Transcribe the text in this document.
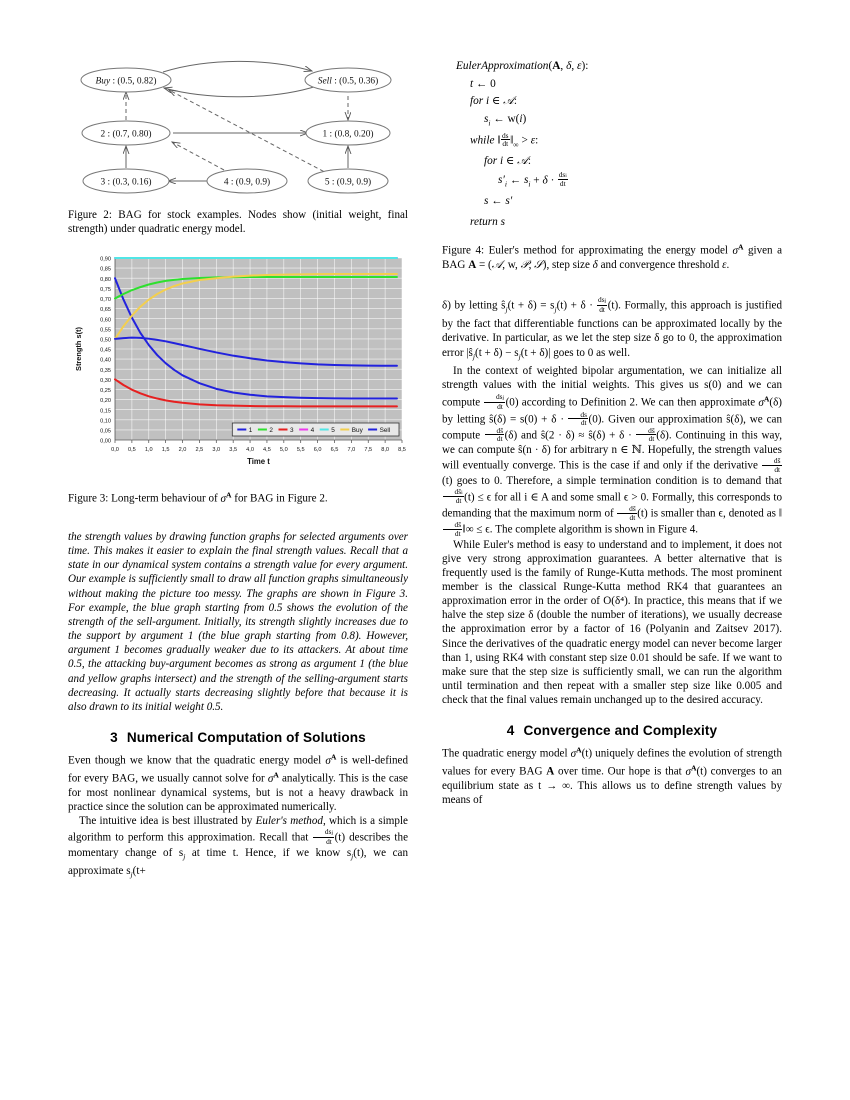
Buy : (0.5, 0.82)	Sell : (0.5, 0.36)
2 : (0.7, 0.80)	1 : (0.8, 0.20)
3 : (0.3, 0.16)	4 : (0.9, 0.9)	5 : (0.9, 0.9)

Figure 2: BAG for stock examples. Nodes show (initial weight, final strength) under quadratic energy model.

0,00
0,05
0,10
0,15
0,20
0,25
0,30
0,35
0,40
0,45
0,50
0,55
0,60
0,65
0,70
0,75
0,80
0,85
0,90
0,0 0,5 1,0 1,5 2,0 2,5 3,0 3,5 4,0 4,5 5,0 5,5 6,0 6,5 7,0 7,5 8,0 8,5
Strength s(t)
Time t
1	2	3	4	5	Buy	Sell

Figure 3: Long-term behaviour of $\sigma^A$ for BAG in Figure 2.

the strength values by drawing function graphs for selected arguments over time. This makes it easier to explain the final strength values. Recall that a state in our dynamical system contains a strength value for every argument. Our example is sufficiently small to draw all function graphs simultaneously without making the picture too messy. The graphs are shown in Figure 3. For example, the blue graph starting from 0.5 shows the evolution of the strength of the sell-argument. Initially, its strength slightly increases due to the support by argument 1 (the blue graph starting from 0.8). However, argument 1 becomes gradually weaker due to its attackers. At about time 0.5, the attacking buy-argument becomes as strong as argument 1 (the blue and yellow graphs intersect) and the strength of the selling-argument starts decreasing. It actually starts decreasing slightly before that because it is also drawn to its initial weight 0.5.

3 Numerical Computation of Solutions

Even though we know that the quadratic energy model $\sigma^A$ is well-defined for every BAG, we usually cannot solve for $\sigma^A$ analytically. This is the case for most nonlinear dynamical systems, but is not a heavy drawback in practice since the solution can be approximated numerically.

The intuitive idea is best illustrated by Euler's method, which is a simple algorithm to perform this approximation. Recall that $\frac{\text{dsj}}{dt} (t)$ describes the momentary change of $s_j$ at time t. Hence, if we know $s_j(t)$, we can approximate $s_j(t+$

EulerApproximation(A, δ, ε):
t ← 0
for i ∈ 𝒜:
$s_i$ ← w(i)
while ‖ $\frac{ds}{dt}$ $‖_\infty > \varepsilon$:
for i ∈ 𝒜:
$s'_i$ ← $s_i + \delta \cdot \frac{\text{dsi}}{dt}$
s ← s′
return s

Figure 4: Euler's method for approximating the energy model $\sigma^A$ given a BAG A = (𝒜, w, 𝒫, 𝒮), step size δ and convergence threshold ε.

δ) by letting $ŝ_j(t + \delta) = s_j(t) + \delta \cdot \frac{\text{dsj}}{dt} (t)$. Formally, this approach is justified by the fact that differentiable functions can be approximated locally by the derivative. In particular, as we let the step size δ go to 0, the approximation error $|ŝ_j(t + \delta) - s_j(t + \delta)|$ goes to 0 as well.

In the context of weighted bipolar argumentation, we can initialize all strength values with the initial weights. This gives us s(0) and we can compute $\frac{\text{dsj}}{dt} (0)$ according to Definition 2. We can then approximate $\sigma^A(\delta)$ by letting ŝ(δ) = $s(0) + \delta \cdot \frac{ds}{dt} (0)$. Given our approximation ŝ(δ), we can compute $\frac{dš}{dt} (\delta)$ and ŝ(2 · δ) ≈ ŝ(δ) + $\delta \cdot \frac{dš}{dt} (\delta)$. Continuing in this way, we can compute ŝ(n · δ) for arbitrary n ∈ ℕ. Hopefully, the strength values will eventually converge. This is the case if and only if the derivative $\frac{dš}{dt}$
(t) goes to 0. Therefore, a simple termination condition is to demand that
$\frac{\text{dši}}{dt} (t) \le \epsilon$ for all i ∈ A and some small ϵ > 0. Formally, this corresponds to demanding that the maximum norm of $\frac{dš}{dt} (t)$ is smaller than ϵ, denoted as ‖
$\frac{dš}{dt}$ ‖∞ ≤ ϵ. The complete algorithm is shown in Figure 4.

While Euler's method is easy to understand and to implement, it does not give very strong approximation guarantees. A better alternative that is frequently used is the family of Runge-Kutta methods. The most prominent member is the classical Runge-Kutta method RK4 that guarantees an approximation error in the order of O(δ⁴). In practice, this means that if we halve the step size δ (double the number of iterations), we usually decrease the approximation error by a factor of 16 (Polyanin and Zaitsev 2017). Since the derivatives of the quadratic energy model can never become larger than 1, using RK4 with constant step size 0.01 should be safe. If we want to make sure that the step size is sufficiently small, we can run the algorithm until termination and then repeat with a smaller step size like 0.005 and check that the final values remain unchanged up to the desired accuracy.

4 Convergence and Complexity

The quadratic energy model $\sigma^A(t)$ uniquely defines the evolution of strength values for every BAG A over time. Our hope is that $\sigma^A(t)$ converges to an equilibrium state as t → ∞. This allows us to define strength values by means of
